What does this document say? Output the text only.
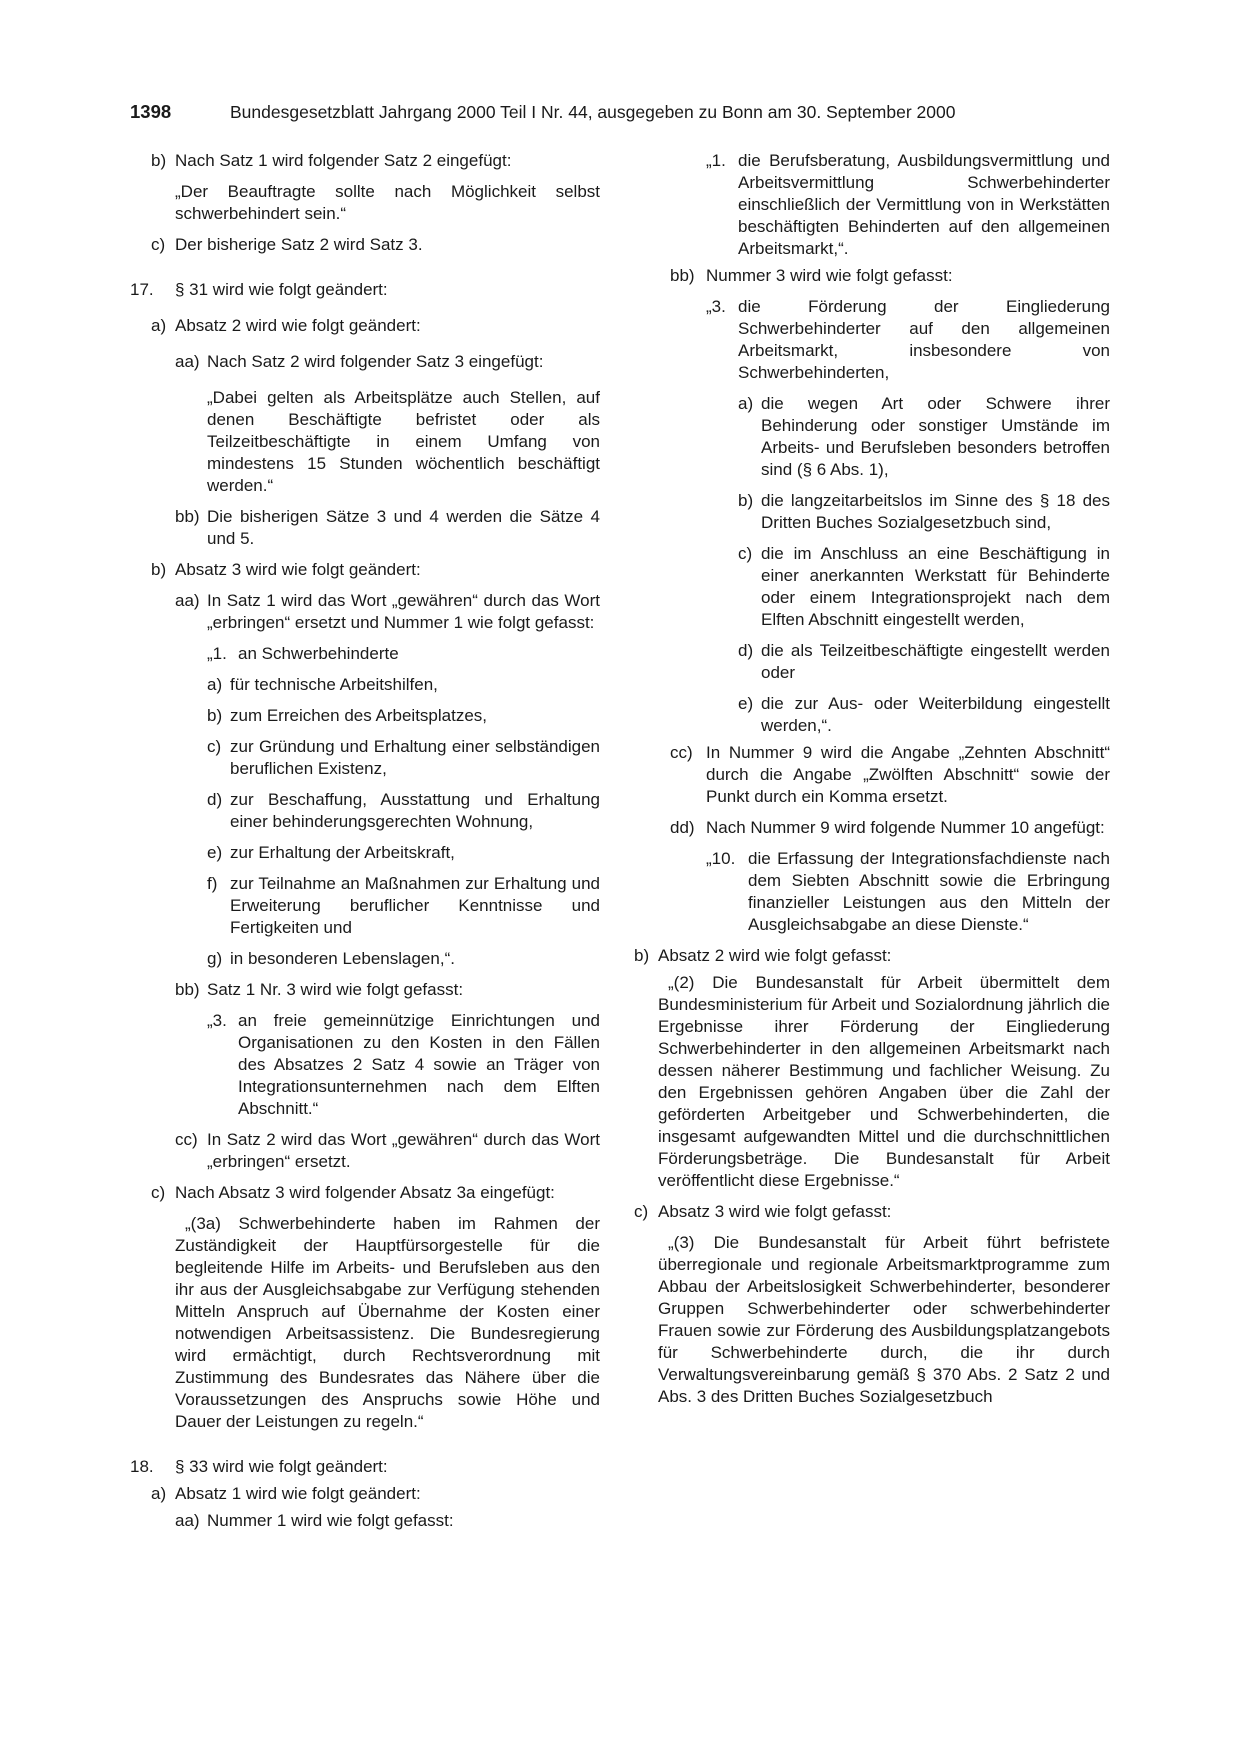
1398	Bundesgesetzblatt Jahrgang 2000 Teil I Nr. 44, ausgegeben zu Bonn am 30. September 2000
b) Nach Satz 1 wird folgender Satz 2 eingefügt:
„Der Beauftragte sollte nach Möglichkeit selbst schwerbehindert sein.“
c) Der bisherige Satz 2 wird Satz 3.
17.	§ 31 wird wie folgt geändert:
a) Absatz 2 wird wie folgt geändert:
aa) Nach Satz 2 wird folgender Satz 3 eingefügt:
„Dabei gelten als Arbeitsplätze auch Stellen, auf denen Beschäftigte befristet oder als Teilzeitbeschäftigte in einem Umfang von mindestens 15 Stunden wöchentlich beschäftigt werden.“
bb) Die bisherigen Sätze 3 und 4 werden die Sätze 4 und 5.
b) Absatz 3 wird wie folgt geändert:
aa) In Satz 1 wird das Wort „gewähren“ durch das Wort „erbringen“ ersetzt und Nummer 1 wie folgt gefasst:
„1. an Schwerbehinderte
a) für technische Arbeitshilfen,
b) zum Erreichen des Arbeitsplatzes,
c) zur Gründung und Erhaltung einer selbständigen beruflichen Existenz,
d) zur Beschaffung, Ausstattung und Erhaltung einer behinderungsgerechten Wohnung,
e) zur Erhaltung der Arbeitskraft,
f) zur Teilnahme an Maßnahmen zur Erhaltung und Erweiterung beruflicher Kenntnisse und Fertigkeiten und
g) in besonderen Lebenslagen,“.
bb) Satz 1 Nr. 3 wird wie folgt gefasst:
„3. an freie gemeinnützige Einrichtungen und Organisationen zu den Kosten in den Fällen des Absatzes 2 Satz 4 sowie an Träger von Integrationsunternehmen nach dem Elften Abschnitt.“
cc) In Satz 2 wird das Wort „gewähren“ durch das Wort „erbringen“ ersetzt.
c) Nach Absatz 3 wird folgender Absatz 3a eingefügt:
„(3a) Schwerbehinderte haben im Rahmen der Zuständigkeit der Hauptfürsorgestelle für die begleitende Hilfe im Arbeits- und Berufsleben aus den ihr aus der Ausgleichsabgabe zur Verfügung stehenden Mitteln Anspruch auf Übernahme der Kosten einer notwendigen Arbeitsassistenz. Die Bundesregierung wird ermächtigt, durch Rechtsverordnung mit Zustimmung des Bundesrates das Nähere über die Voraussetzungen des Anspruchs sowie Höhe und Dauer der Leistungen zu regeln.“
18.	§ 33 wird wie folgt geändert:
a) Absatz 1 wird wie folgt geändert:
aa) Nummer 1 wird wie folgt gefasst:
„1. die Berufsberatung, Ausbildungsvermittlung und Arbeitsvermittlung Schwerbehinderter einschließlich der Vermittlung von in Werkstätten beschäftigten Behinderten auf den allgemeinen Arbeitsmarkt,“.
bb) Nummer 3 wird wie folgt gefasst:
„3. die Förderung der Eingliederung Schwerbehinderter auf den allgemeinen Arbeitsmarkt, insbesondere von Schwerbehinderten,
a) die wegen Art oder Schwere ihrer Behinderung oder sonstiger Umstände im Arbeits- und Berufsleben besonders betroffen sind (§ 6 Abs. 1),
b) die langzeitarbeitslos im Sinne des § 18 des Dritten Buches Sozialgesetzbuch sind,
c) die im Anschluss an eine Beschäftigung in einer anerkannten Werkstatt für Behinderte oder einem Integrationsprojekt nach dem Elften Abschnitt eingestellt werden,
d) die als Teilzeitbeschäftigte eingestellt werden oder
e) die zur Aus- oder Weiterbildung eingestellt werden,“.
cc) In Nummer 9 wird die Angabe „Zehnten Abschnitt“ durch die Angabe „Zwölften Abschnitt“ sowie der Punkt durch ein Komma ersetzt.
dd) Nach Nummer 9 wird folgende Nummer 10 angefügt:
„10. die Erfassung der Integrationsfachdienste nach dem Siebten Abschnitt sowie die Erbringung finanzieller Leistungen aus den Mitteln der Ausgleichsabgabe an diese Dienste.“
b) Absatz 2 wird wie folgt gefasst:
„(2) Die Bundesanstalt für Arbeit übermittelt dem Bundesministerium für Arbeit und Sozialordnung jährlich die Ergebnisse ihrer Förderung der Eingliederung Schwerbehinderter in den allgemeinen Arbeitsmarkt nach dessen näherer Bestimmung und fachlicher Weisung. Zu den Ergebnissen gehören Angaben über die Zahl der geförderten Arbeitgeber und Schwerbehinderten, die insgesamt aufgewandten Mittel und die durchschnittlichen Förderungsbeträge. Die Bundesanstalt für Arbeit veröffentlicht diese Ergebnisse.“
c) Absatz 3 wird wie folgt gefasst:
„(3) Die Bundesanstalt für Arbeit führt befristete überregionale und regionale Arbeitsmarktprogramme zum Abbau der Arbeitslosigkeit Schwerbehinderter, besonderer Gruppen Schwerbehinderter oder schwerbehinderter Frauen sowie zur Förderung des Ausbildungsplatzangebots für Schwerbehinderte durch, die ihr durch Verwaltungsvereinbarung gemäß § 370 Abs. 2 Satz 2 und Abs. 3 des Dritten Buches Sozialgesetzbuch
